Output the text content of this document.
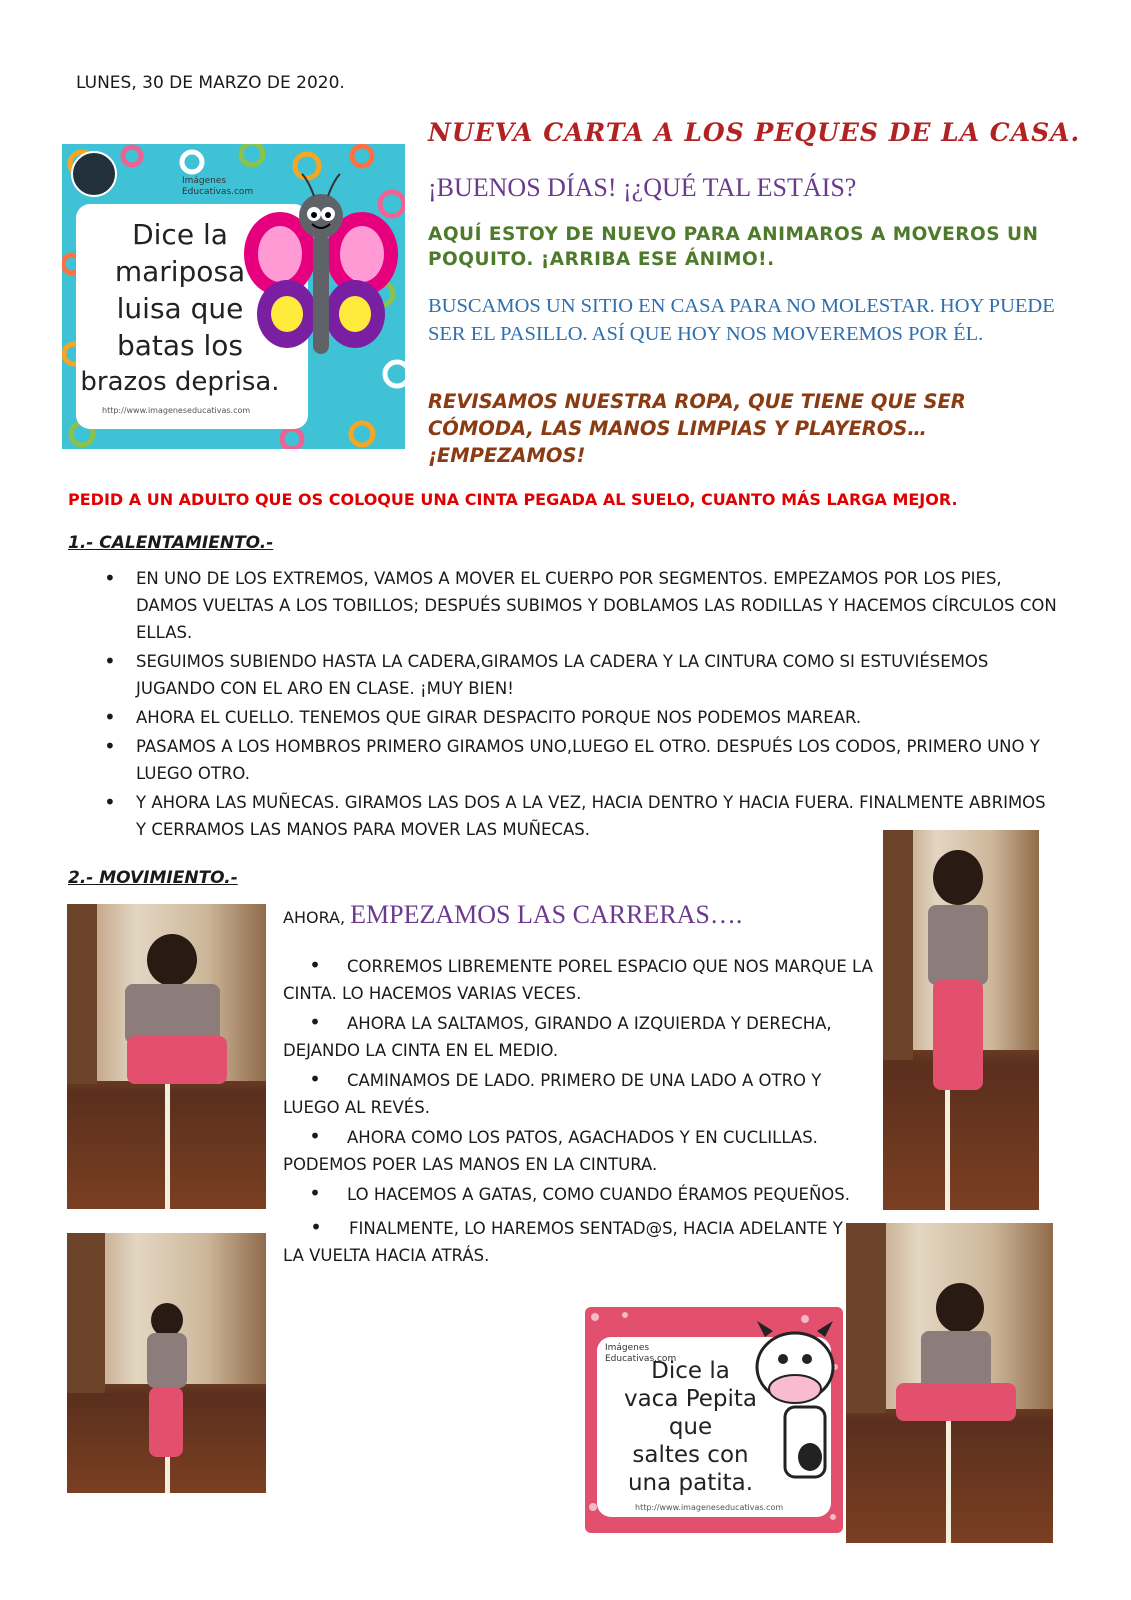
LUNES, 30 DE MARZO DE 2020.
NUEVA CARTA A LOS PEQUES DE LA CASA.
¡BUENOS DÍAS! ¡¿QUÉ TAL ESTÁIS?
AQUÍ ESTOY DE NUEVO PARA ANIMAROS A MOVEROS UN POQUITO. ¡ARRIBA ESE ÁNIMO!.
BUSCAMOS UN SITIO EN CASA PARA NO MOLESTAR. HOY PUEDE SER EL PASILLO. ASÍ QUE HOY NOS MOVEREMOS POR ÉL.
REVISAMOS NUESTRA ROPA, QUE TIENE QUE SER CÓMODA, LAS MANOS LIMPIAS Y PLAYEROS…¡EMPEZAMOS!
PEDID A UN ADULTO QUE OS COLOQUE UNA CINTA PEGADA AL SUELO, CUANTO MÁS LARGA MEJOR.
Imágenes Educativas.com
Dice la
mariposa
luisa que
batas los
brazos deprisa.
http://www.imageneseducativas.com
1.- CALENTAMIENTO.-
• EN UNO DE LOS EXTREMOS, VAMOS A MOVER EL CUERPO POR SEGMENTOS. EMPEZAMOS POR LOS PIES, DAMOS VUELTAS A LOS TOBILLOS; DESPUÉS SUBIMOS Y DOBLAMOS LAS RODILLAS Y HACEMOS CÍRCULOS CON ELLAS.
• SEGUIMOS SUBIENDO HASTA LA CADERA,GIRAMOS LA CADERA Y LA CINTURA COMO SI ESTUVIÉSEMOS JUGANDO CON EL ARO EN CLASE. ¡MUY BIEN!
• AHORA EL CUELLO. TENEMOS QUE GIRAR DESPACITO PORQUE NOS PODEMOS MAREAR.
• PASAMOS A LOS HOMBROS PRIMERO GIRAMOS UNO,LUEGO EL OTRO. DESPUÉS LOS CODOS, PRIMERO UNO Y LUEGO OTRO.
• Y AHORA LAS MUÑECAS. GIRAMOS LAS DOS A LA VEZ, HACIA DENTRO Y HACIA FUERA. FINALMENTE ABRIMOS Y CERRAMOS LAS MANOS PARA MOVER LAS MUÑECAS.
2.- MOVIMIENTO.-
AHORA, EMPEZAMOS LAS CARRERAS….
• CORREMOS LIBREMENTE POREL ESPACIO QUE NOS MARQUE LA CINTA. LO HACEMOS VARIAS VECES.
• AHORA LA SALTAMOS, GIRANDO A IZQUIERDA Y DERECHA, DEJANDO LA CINTA EN EL MEDIO.
• CAMINAMOS DE LADO. PRIMERO DE UNA LADO A OTRO Y LUEGO AL REVÉS.
• AHORA COMO LOS PATOS, AGACHADOS Y EN CUCLILLAS. PODEMOS POER LAS MANOS EN LA CINTURA.
• LO HACEMOS A GATAS, COMO CUANDO ÉRAMOS PEQUEÑOS.
• FINALMENTE, LO HAREMOS SENTAD@S, HACIA ADELANTE Y LA VUELTA HACIA ATRÁS.
Imágenes Educativas.com
Dice la
vaca Pepita
que
saltes con
una patita.
http://www.imageneseducativas.com
